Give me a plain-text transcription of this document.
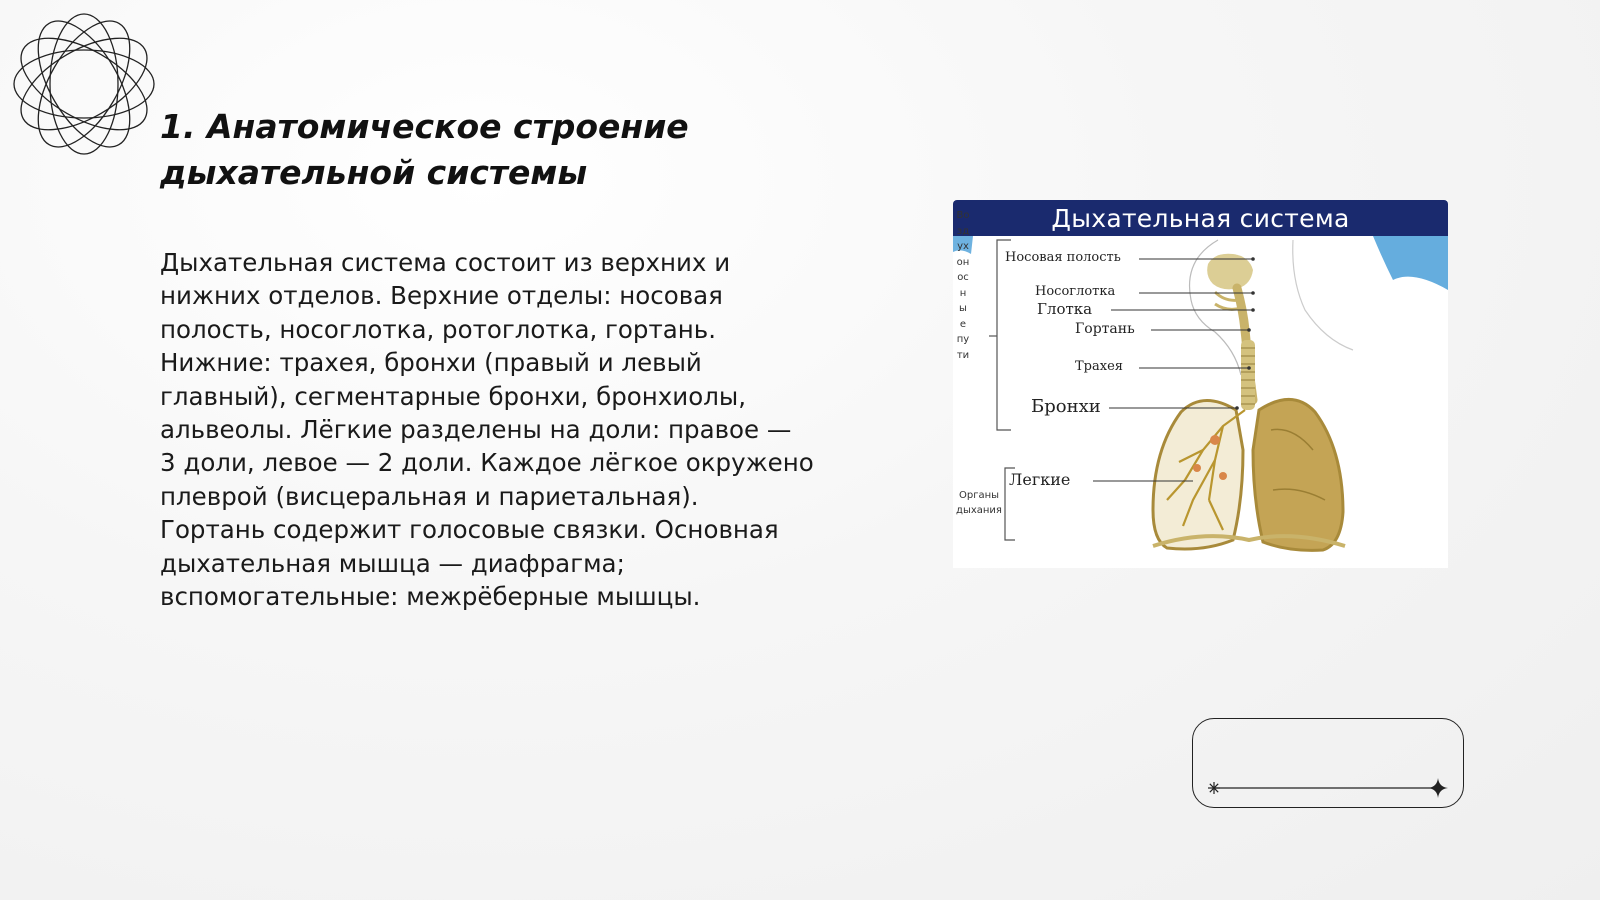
1. Анатомическое строение
дыхательной системы
Дыхательная система состоит из верхних и
нижних отделов. Верхние отделы: носовая
полость, носоглотка, ротоглотка, гортань.
Нижние: трахея, бронхи (правый и левый
главный), сегментарные бронхи, бронхиолы,
альвеолы. Лёгкие разделены на доли: правое —
3 доли, левое — 2 доли. Каждое лёгкое окружено
плеврой (висцеральная и париетальная).
Гортань содержит голосовые связки. Основная
дыхательная мышца — диафрагма;
вспомогательные: межрёберные мышцы.
Дыхательная система
Воздухоносные пути
Органы дыхания
Носовая полость
Носоглотка
Глотка
Гортань
Трахея
Бронхи
Легкие
